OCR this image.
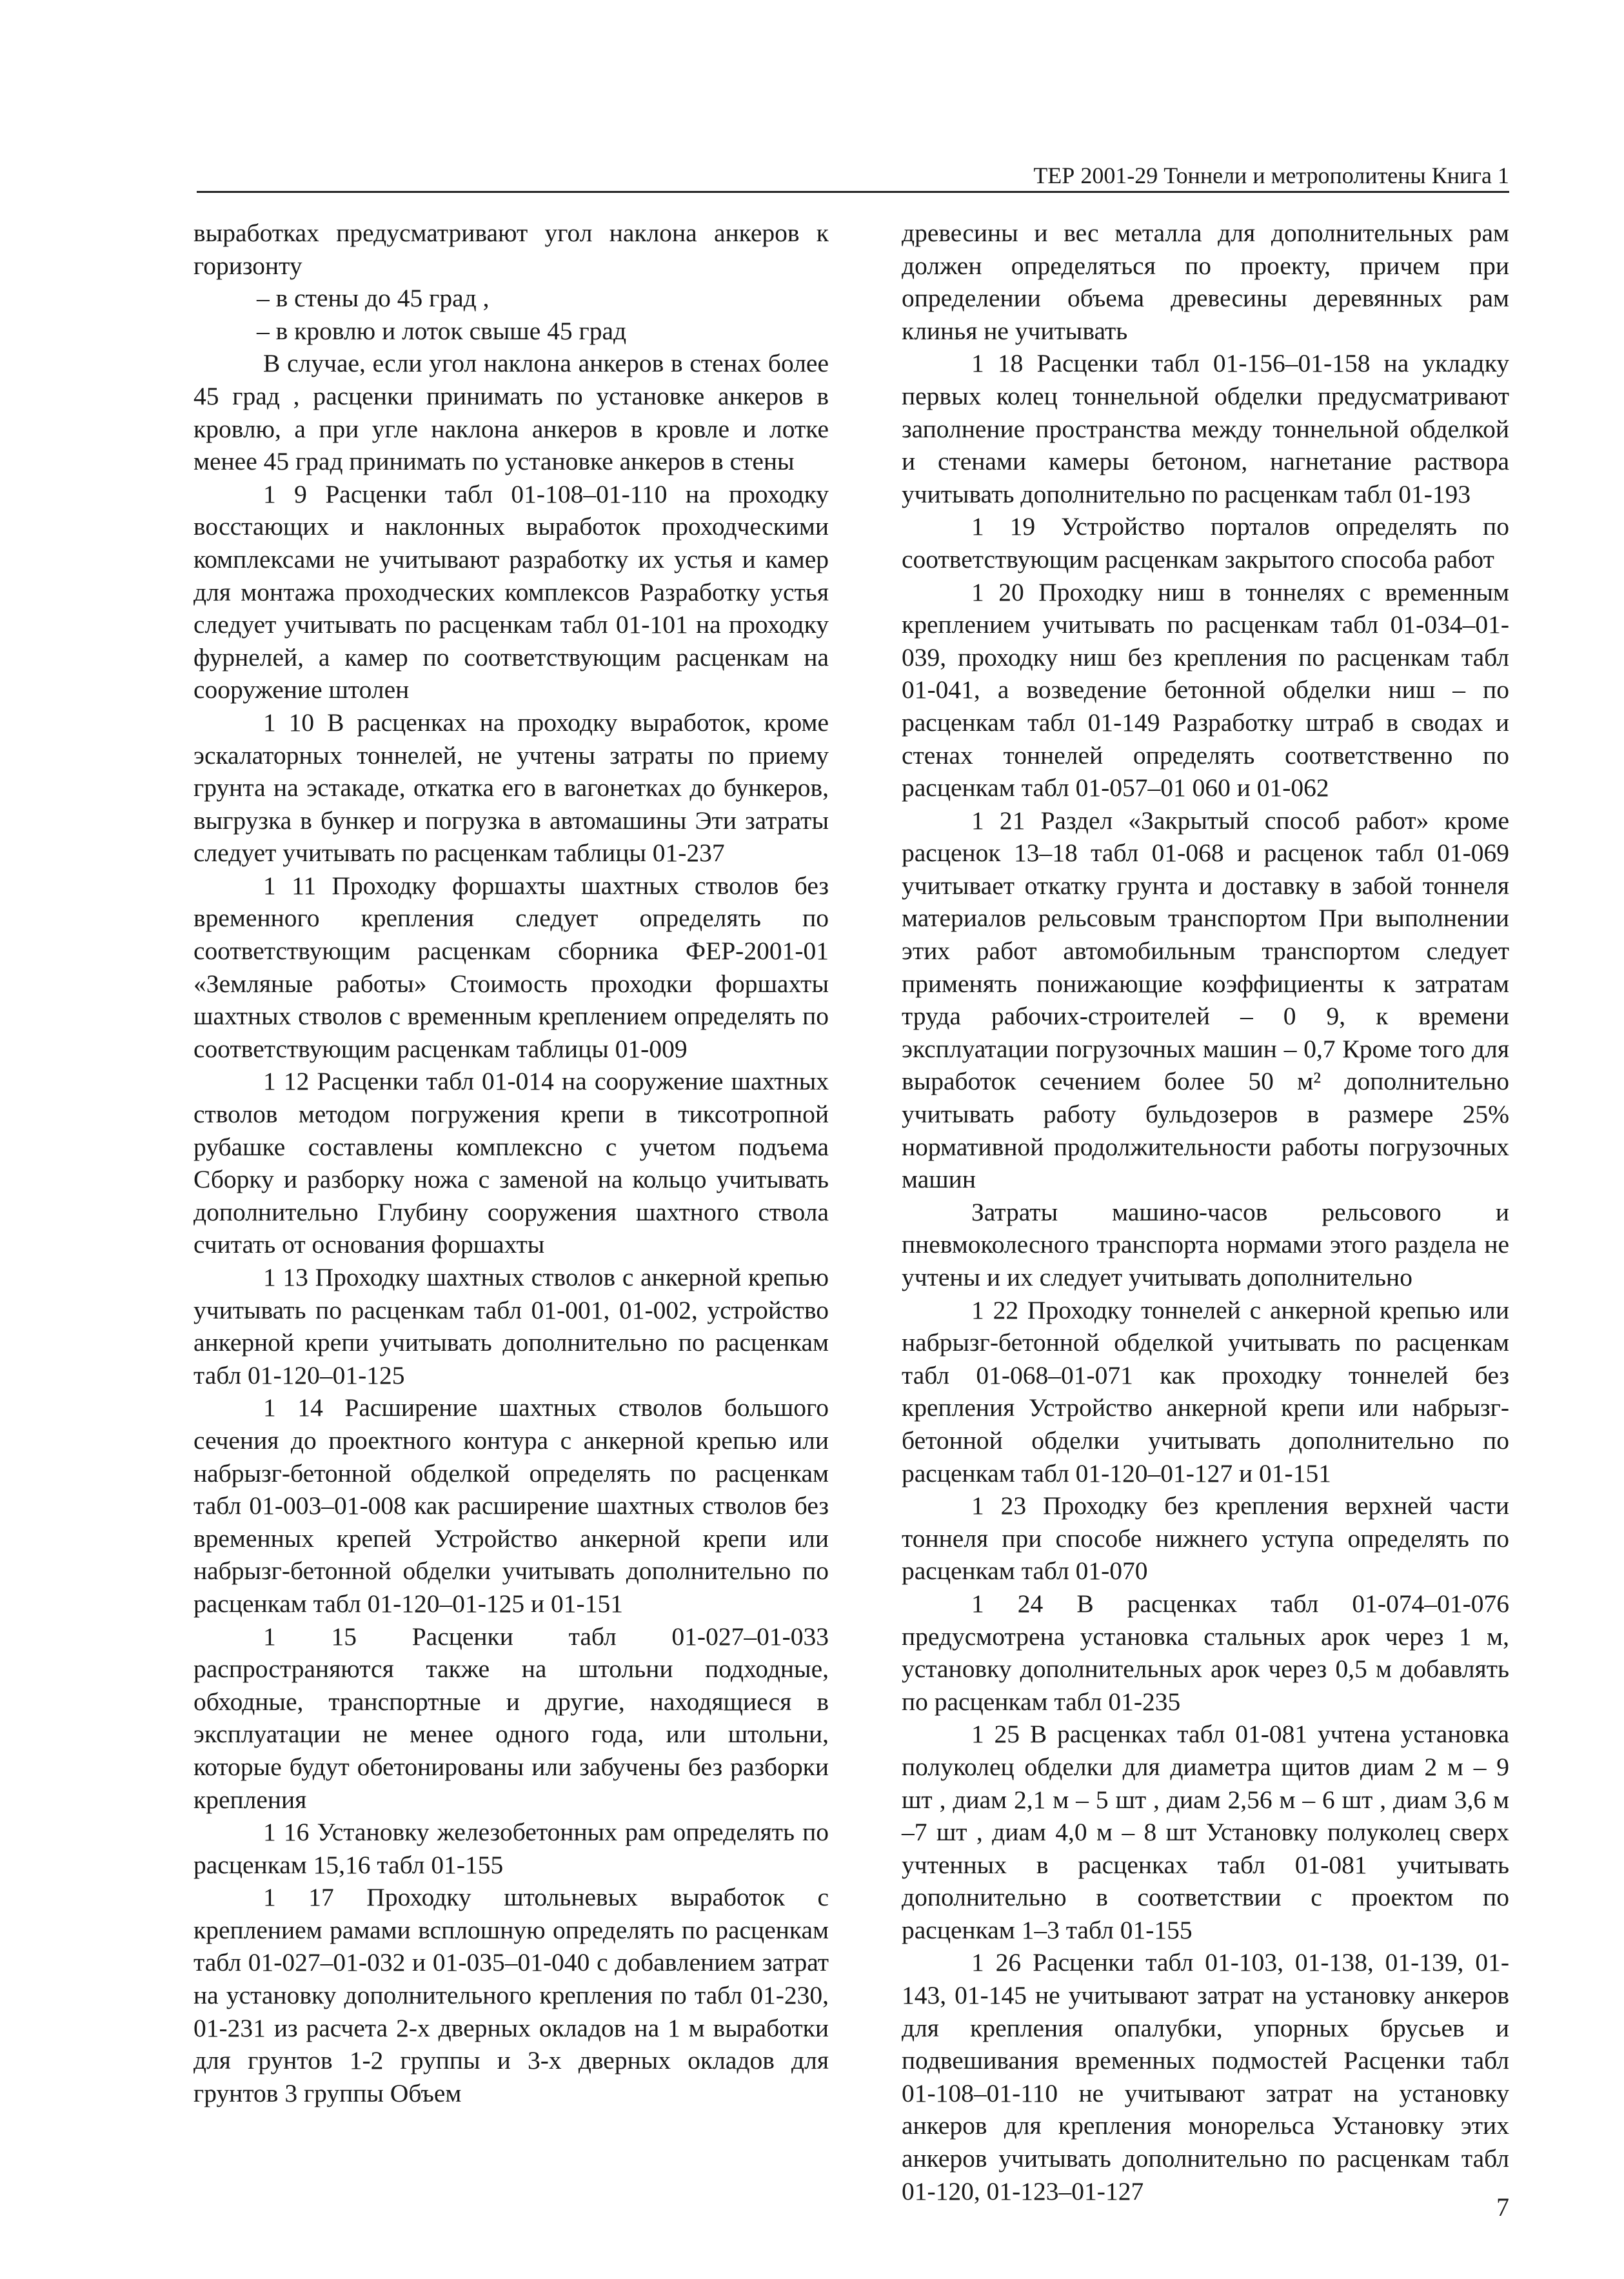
ТЕР 2001-29 Тоннели и метрополитены Книга 1

выработках предусматривают угол наклона анкеров к горизонту

– в стены до 45 град ,

– в кровлю и лоток свыше 45 град

В случае, если угол наклона анкеров в стенах более 45 град , расценки принимать по установке анкеров в кровлю, а при угле наклона анкеров в кровле и лотке менее 45 град принимать по установке анкеров в стены

1 9 Расценки табл 01-108–01-110 на проходку восстающих и наклонных выработок проходческими комплексами не учитывают разработку их устья и камер для монтажа проходческих комплексов Разработку устья следует учитывать по расценкам табл 01-101 на проходку фурнелей, а камер по соответствующим расценкам на сооружение штолен

1 10 В расценках на проходку выработок, кроме эскалаторных тоннелей, не учтены затраты по приему грунта на эстакаде, откатка его в вагонетках до бункеров, выгрузка в бункер и погрузка в автомашины Эти затраты следует учитывать по расценкам таблицы 01-237

1 11 Проходку форшахты шахтных стволов без временного крепления следует определять по соответствующим расценкам сборника ФЕР-2001-01 «Земляные работы» Стоимость проходки форшахты шахтных стволов с временным креплением определять по соответствующим расценкам таблицы 01-009

1 12 Расценки табл 01-014 на сооружение шахтных стволов методом погружения крепи в тиксотропной рубашке составлены комплексно с учетом подъема Сборку и разборку ножа с заменой на кольцо учитывать дополнительно Глубину сооружения шахтного ствола считать от основания форшахты

1 13 Проходку шахтных стволов с анкерной крепью учитывать по расценкам табл 01-001, 01-002, устройство анкерной крепи учитывать дополнительно по расценкам табл 01-120–01-125

1 14 Расширение шахтных стволов большого сечения до проектного контура с анкерной крепью или набрызг-бетонной обделкой определять по расценкам табл 01-003–01-008 как расширение шахтных стволов без временных крепей Устройство анкерной крепи или набрызг-бетонной обделки учитывать дополнительно по расценкам табл 01-120–01-125 и 01-151

1 15 Расценки табл 01-027–01-033 распространяются также на штольни подходные, обходные, транспортные и другие, находящиеся в эксплуатации не менее одного года, или штольни, которые будут обетонированы или забучены без разборки крепления

1 16 Установку железобетонных рам определять по расценкам 15,16 табл 01-155

1 17 Проходку штольневых выработок с креплением рамами всплошную определять по расценкам табл 01-027–01-032 и 01-035–01-040 с добавлением затрат на установку дополнительного крепления по табл 01-230, 01-231 из расчета 2-х дверных окладов на 1 м выработки для грунтов 1-2 группы и 3-х дверных окладов для грунтов 3 группы Объем

древесины и вес металла для дополнительных рам должен определяться по проекту, причем при определении объема древесины деревянных рам клинья не учитывать

1 18 Расценки табл 01-156–01-158 на укладку первых колец тоннельной обделки предусматривают заполнение пространства между тоннельной обделкой и стенами камеры бетоном, нагнетание раствора учитывать дополнительно по расценкам табл 01-193

1 19 Устройство порталов определять по соответствующим расценкам закрытого способа работ

1 20 Проходку ниш в тоннелях с временным креплением учитывать по расценкам табл 01-034–01-039, проходку ниш без крепления по расценкам табл 01-041, а возведение бетонной обделки ниш – по расценкам табл 01-149 Разработку штраб в сводах и стенах тоннелей определять соответственно по расценкам табл 01-057–01 060 и 01-062

1 21 Раздел «Закрытый способ работ» кроме расценок 13–18 табл 01-068 и расценок табл 01-069 учитывает откатку грунта и доставку в забой тоннеля материалов рельсовым транспортом При выполнении этих работ автомобильным транспортом следует применять понижающие коэффициенты к затратам труда рабочих-строителей – 0 9, к времени эксплуатации погрузочных машин – 0,7 Кроме того для выработок сечением более 50 м² дополнительно учитывать работу бульдозеров в размере 25% нормативной продолжительности работы погрузочных машин

Затраты машино-часов рельсового и пневмоколесного транспорта нормами этого раздела не учтены и их следует учитывать дополнительно

1 22 Проходку тоннелей с анкерной крепью или набрызг-бетонной обделкой учитывать по расценкам табл 01-068–01-071 как проходку тоннелей без крепления Устройство анкерной крепи или набрызг-бетонной обделки учитывать дополнительно по расценкам табл 01-120–01-127 и 01-151

1 23 Проходку без крепления верхней части тоннеля при способе нижнего уступа определять по расценкам табл 01-070

1 24 В расценках табл 01-074–01-076 предусмотрена установка стальных арок через 1 м, установку дополнительных арок через 0,5 м добавлять по расценкам табл 01-235

1 25 В расценках табл 01-081 учтена установка полуколец обделки для диаметра щитов диам 2 м – 9 шт , диам 2,1 м – 5 шт , диам 2,56 м – 6 шт , диам 3,6 м –7 шт , диам 4,0 м – 8 шт Установку полуколец сверх учтенных в расценках табл 01-081 учитывать дополнительно в соответствии с проектом по расценкам 1–3 табл 01-155

1 26 Расценки табл 01-103, 01-138, 01-139, 01-143, 01-145 не учитывают затрат на установку анкеров для крепления опалубки, упорных брусьев и подвешивания временных подмостей Расценки табл 01-108–01-110 не учитывают затрат на установку анкеров для крепления монорельса Установку этих анкеров учитывать дополнительно по расценкам табл 01-120, 01-123–01-127

7
